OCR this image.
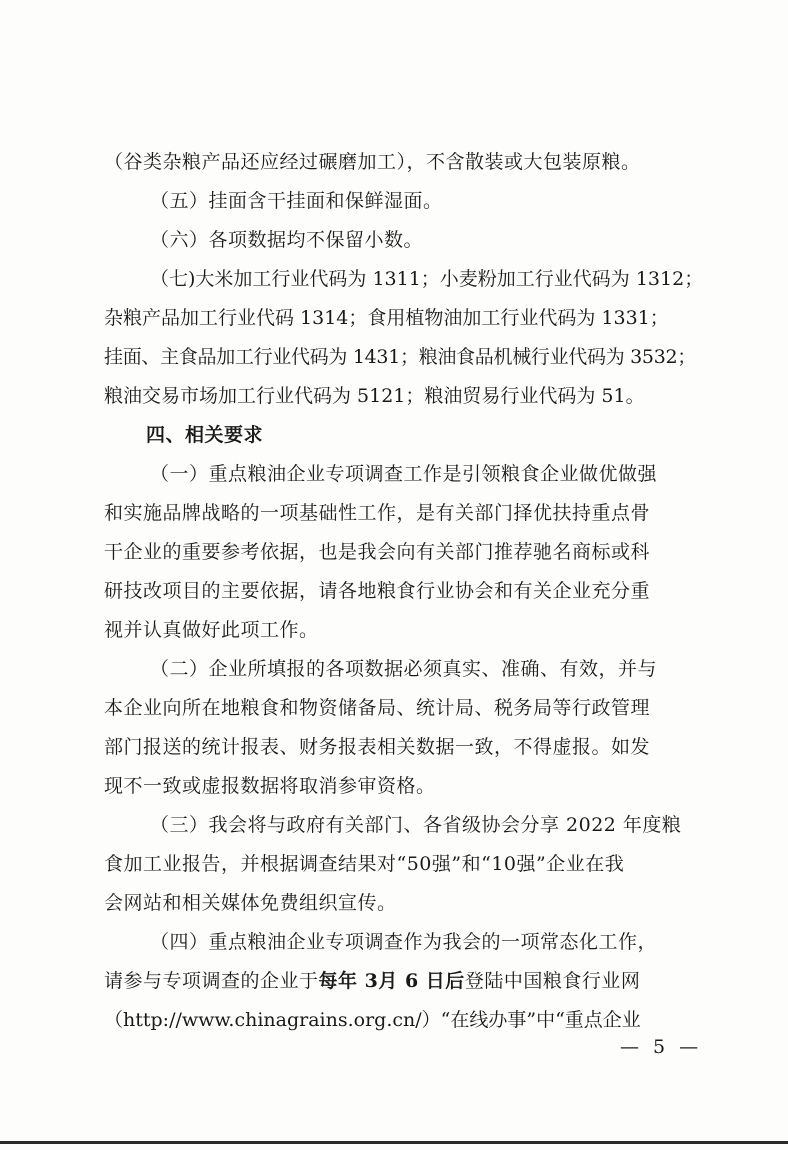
（谷类杂粮产品还应经过碾磨加工），不含散装或大包装原粮。
（五）挂面含干挂面和保鲜湿面。
（六）各项数据均不保留小数。
（七)大米加工行业代码为 1311；小麦粉加工行业代码为 1312；
杂粮产品加工行业代码 1314；食用植物油加工行业代码为 1331；
挂面、主食品加工行业代码为 1431；粮油食品机械行业代码为 3532；
粮油交易市场加工行业代码为 5121；粮油贸易行业代码为 51。
四、相关要求
（一）重点粮油企业专项调查工作是引领粮食企业做优做强
和实施品牌战略的一项基础性工作，是有关部门择优扶持重点骨
干企业的重要参考依据，也是我会向有关部门推荐驰名商标或科
研技改项目的主要依据，请各地粮食行业协会和有关企业充分重
视并认真做好此项工作。
（二）企业所填报的各项数据必须真实、准确、有效，并与
本企业向所在地粮食和物资储备局、统计局、税务局等行政管理
部门报送的统计报表、财务报表相关数据一致，不得虚报。如发
现不一致或虚报数据将取消参审资格。
（三）我会将与政府有关部门、各省级协会分享 2022 年度粮
食加工业报告，并根据调查结果对“50强”和“10强”企业在我
会网站和相关媒体免费组织宣传。
（四）重点粮油企业专项调查作为我会的一项常态化工作，
请参与专项调查的企业于每年 3月 6 日后登陆中国粮食行业网
（http://www.chinagrains.org.cn/）“在线办事”中“重点企业
— 5 —
